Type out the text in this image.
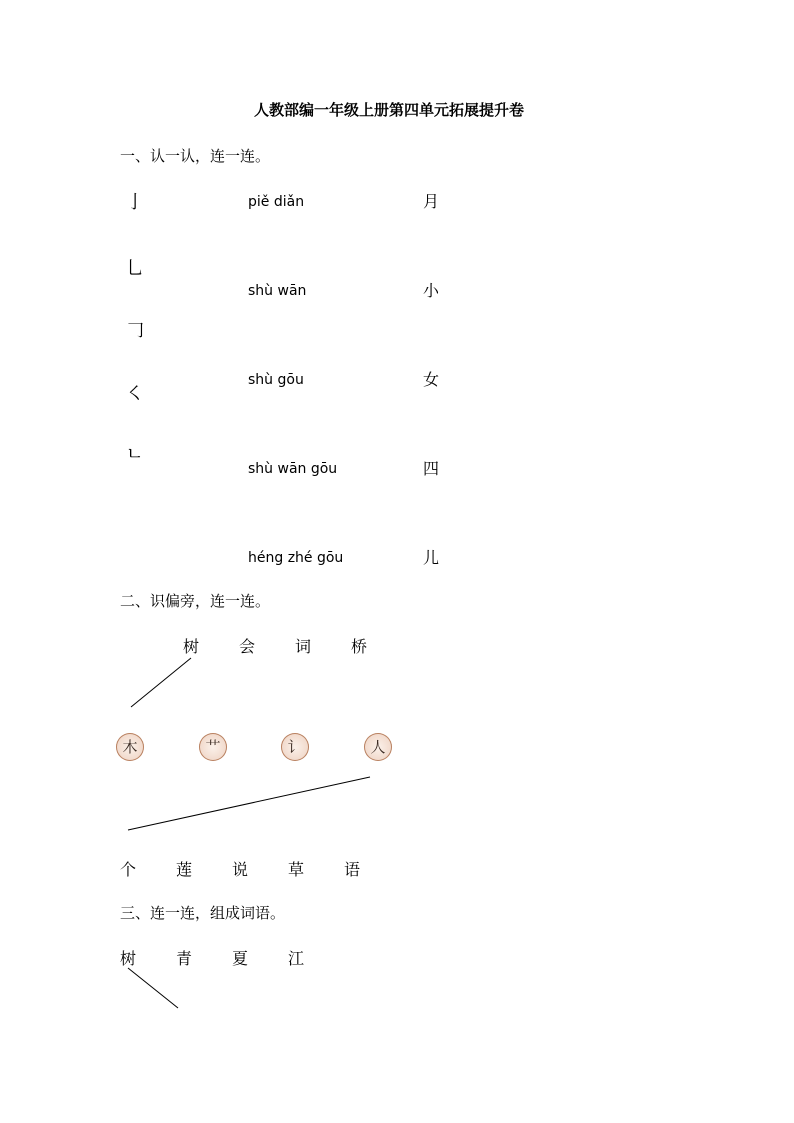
人教部编一年级上册第四单元拓展提升卷
一、认一认，连一连。
亅
乚
𠃌
㇛
ㄴ
piě diǎn
shù wān
shù gōu
shù wān gōu
héng zhé gōu
月
小
女
四
儿
二、识偏旁，连一连。
树 会 词 桥
木	艹	讠	人
个 莲 说 草 语
三、连一连，组成词语。
树 青 夏 江
